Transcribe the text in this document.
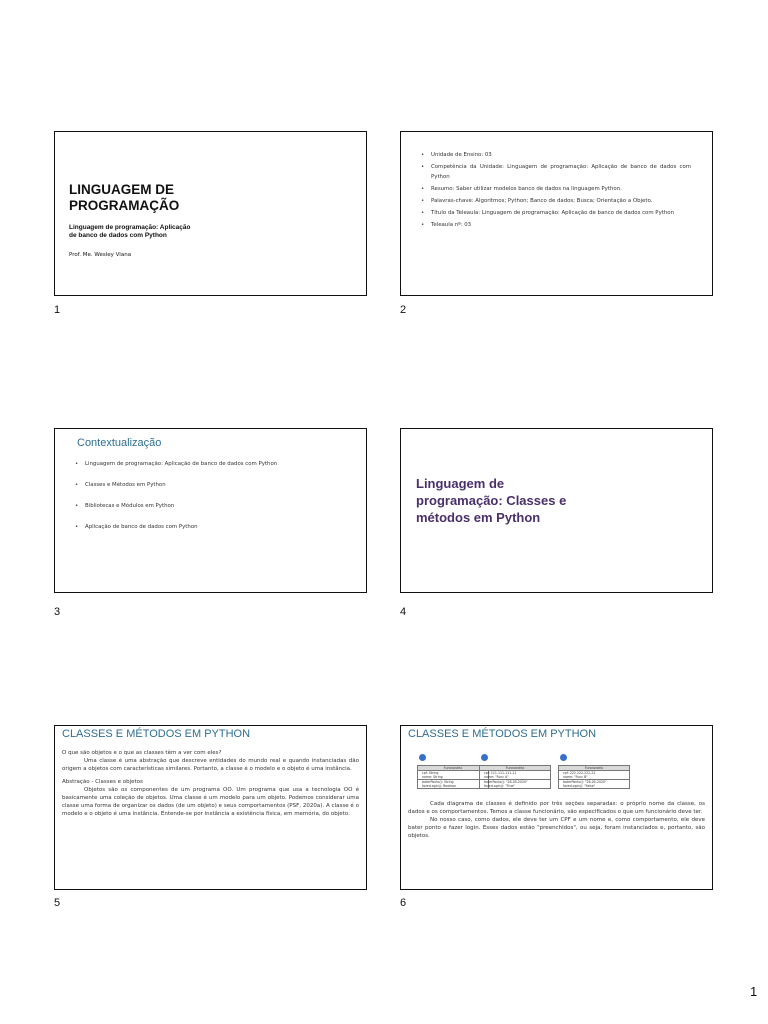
LINGUAGEM DE
PROGRAMAÇÃO
Linguagem de programação: Aplicação
de banco de dados com Python
Prof. Me. Wesley Viana
1
• Unidade de Ensino: 03
• Competência da Unidade: Linguagem de programação: Aplicação de banco de dados com Python
• Resumo: Saber utilizar modelos banco de dados na linguagem Python.
• Palavras-chave: Algoritmos; Python; Banco de dados; Busca; Orientação a Objeto.
• Título da Teleaula: Linguagem de programação: Aplicação de banco de dados com Python
• Teleaula nº: 03
2
Contextualização
• Linguagem de programação: Aplicação de banco de dados com Python
• Classes e Métodos em Python
• Bibliotecas e Módulos em Python
• Aplicação de banco de dados com Python
3
Linguagem de
programação: Classes e
métodos em Python
4
CLASSES E MÉTODOS EM PYTHON

O que são objetos e o que as classes têm a ver com eles?

Uma classe é uma abstração que descreve entidades do mundo real e quando instanciadas dão origem a objetos com características similares. Portanto, a classe é o modelo e o objeto é uma instância.

Abstração - Classes e objetos

Objetos são os componentes de um programa OO. Um programa que usa a tecnologia OO é basicamente uma coleção de objetos. Uma classe é um modelo para um objeto. Podemos considerar uma classe uma forma de organizar os dados (de um objeto) e seus comportamentos (PSF, 2020a). A classe é o modelo e o objeto é uma instância. Entende-se por instância a existência física, em memória, do objeto.

5
CLASSES E MÉTODOS EM PYTHON
Funcionário
cpf: String
nome: String
baterPonto(): String
fazerLogin(): Boolean
Funcionário
cpf: 111.111.111-11
nome: "Func A"
baterPonto(): "26-05-2020"
fazerLogin(): "True"
Funcionário
cpf: 222.222.222-22
nome: "Func B"
baterPonto(): "26-05-2020"
fazerLogin(): "False"

Cada diagrama de classes é definido por três seções separadas: o próprio nome da classe, os dados e os comportamentos. Temos a classe funcionário, são especificados o que um funcionário deve ter.

No nosso caso, como dados, ele deve ter um CPF e um nome e, como comportamento, ele deve bater ponto e fazer login. Esses dados estão "preenchidos", ou seja, foram instanciados e, portanto, são objetos.

6
1
